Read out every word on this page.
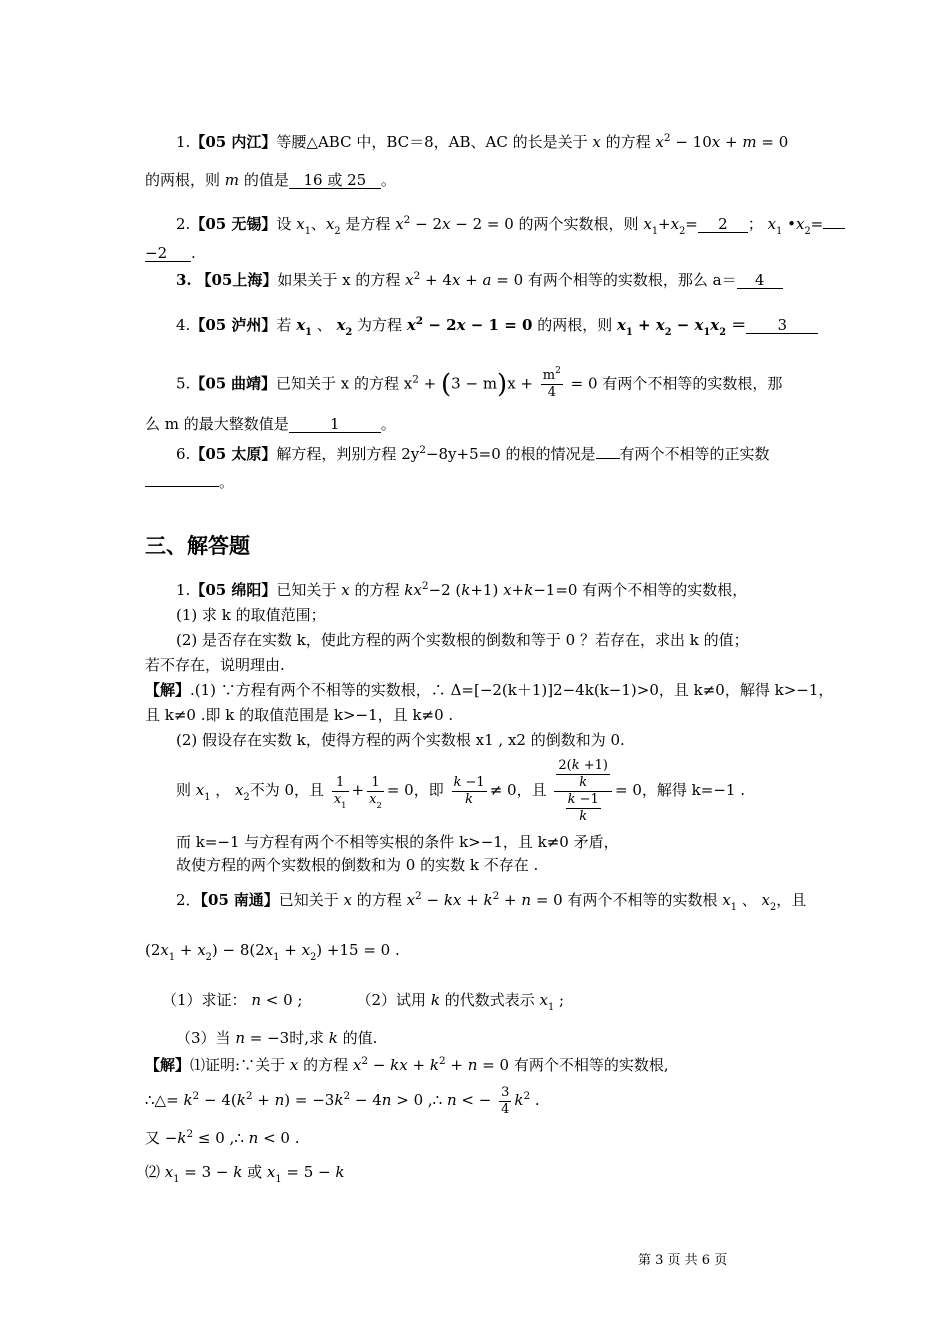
1.【05 内江】等腰△ABC 中，BC＝8，AB、AC 的长是关于 x 的方程 $x^2 - 10x + m = 0$
的两根，则 m 的值是 16 或 25 。
2.【05 无锡】设 $x_1$、$x_2$ 是方程 $x^2 - 2x - 2 = 0$ 的两个实数根，则 $x_1+x_2= 2$ ； $x_1$ $•x_2=$
−2 .
3. 【05上海】如果关于 x 的方程 $x^2 + 4x + a = 0$ 有两个相等的实数根，那么 a＝ 4
4.【05 泸州】若 $x_1$ 、 $x_2$ 为方程 $x^2 - 2x - 1 = 0$ 的两根，则 $x_1 + x_2 - x_1x_2 = 3$
5.【05 曲靖】已知关于 x 的方程 $x^2 + (3 - m)x + \frac{m^2}{4} = 0$ 有两个不相等的实数根，那
么 m 的最大整数值是	1	。
6.【05 太原】解方程，判别方程 $2y^2-8y+5=0$ 的根的情况是 有两个不相等的正实数
。
三、解答题
1.【05 绵阳】已知关于 x 的方程 $kx^2-2$ (k+1) x+k−1=0 有两个不相等的实数根，
(1) 求 k 的取值范围；
(2) 是否存在实数 k，使此方程的两个实数根的倒数和等于 0 ？若存在，求出 k 的值；
若不存在，说明理由.
【解】.(1) ∵方程有两个不相等的实数根，∴ Δ=[−2(k＋1)]2−4k(k−1)>0，且 k≠0，解得 k>−1，
且 k≠0 .即 k 的取值范围是 k>−1，且 k≠0 .
(2) 假设存在实数 k，使得方程的两个实数根 x1 , x2 的倒数和为 0.
则 $x_1$ ， $x_2$不为 0，且 $\frac{1}{x_1} + \frac{1}{x_2} = 0$，即 $\frac{k -1}{k} \ne 0$，且 $\frac{2(k +1)}{k}$

$\frac{k -1}{k}$
= 0，解得 k=−1 .
而 k=−1 与方程有两个不相等实根的条件 k>−1，且 k≠0 矛盾，
故使方程的两个实数根的倒数和为 0 的实数 k 不存在 .
2．【05 南通】已知关于 x 的方程 $x^2$ − kx + $k^2 + n = 0$ 有两个不相等的实数根 $x_1$ 、 $x_2$，且
$(2x_1 + x_2) - 8(2x_1 + x_2) +15 = 0$ .
（1）求证： n < 0 ;	（2）试用 k 的代数式表示 $x_1$ ;
（3）当 n = −3时,求 k 的值.
【解】⑴证明:∵关于 x 的方程 $x^2$ − kx + $k^2 + n = 0$ 有两个不相等的实数根,
∴△= $k^2 - 4(k^2 + n) = -3k^2 - 4n > 0$ ,∴ n < − $\frac{3}{4} k^2$ .
又 $-k^2 \le 0$ ,∴ n < 0 .
⑵ $x_1 = 3 - k$ 或 $x_1 = 5 - k$
第 3 页 共 6 页
